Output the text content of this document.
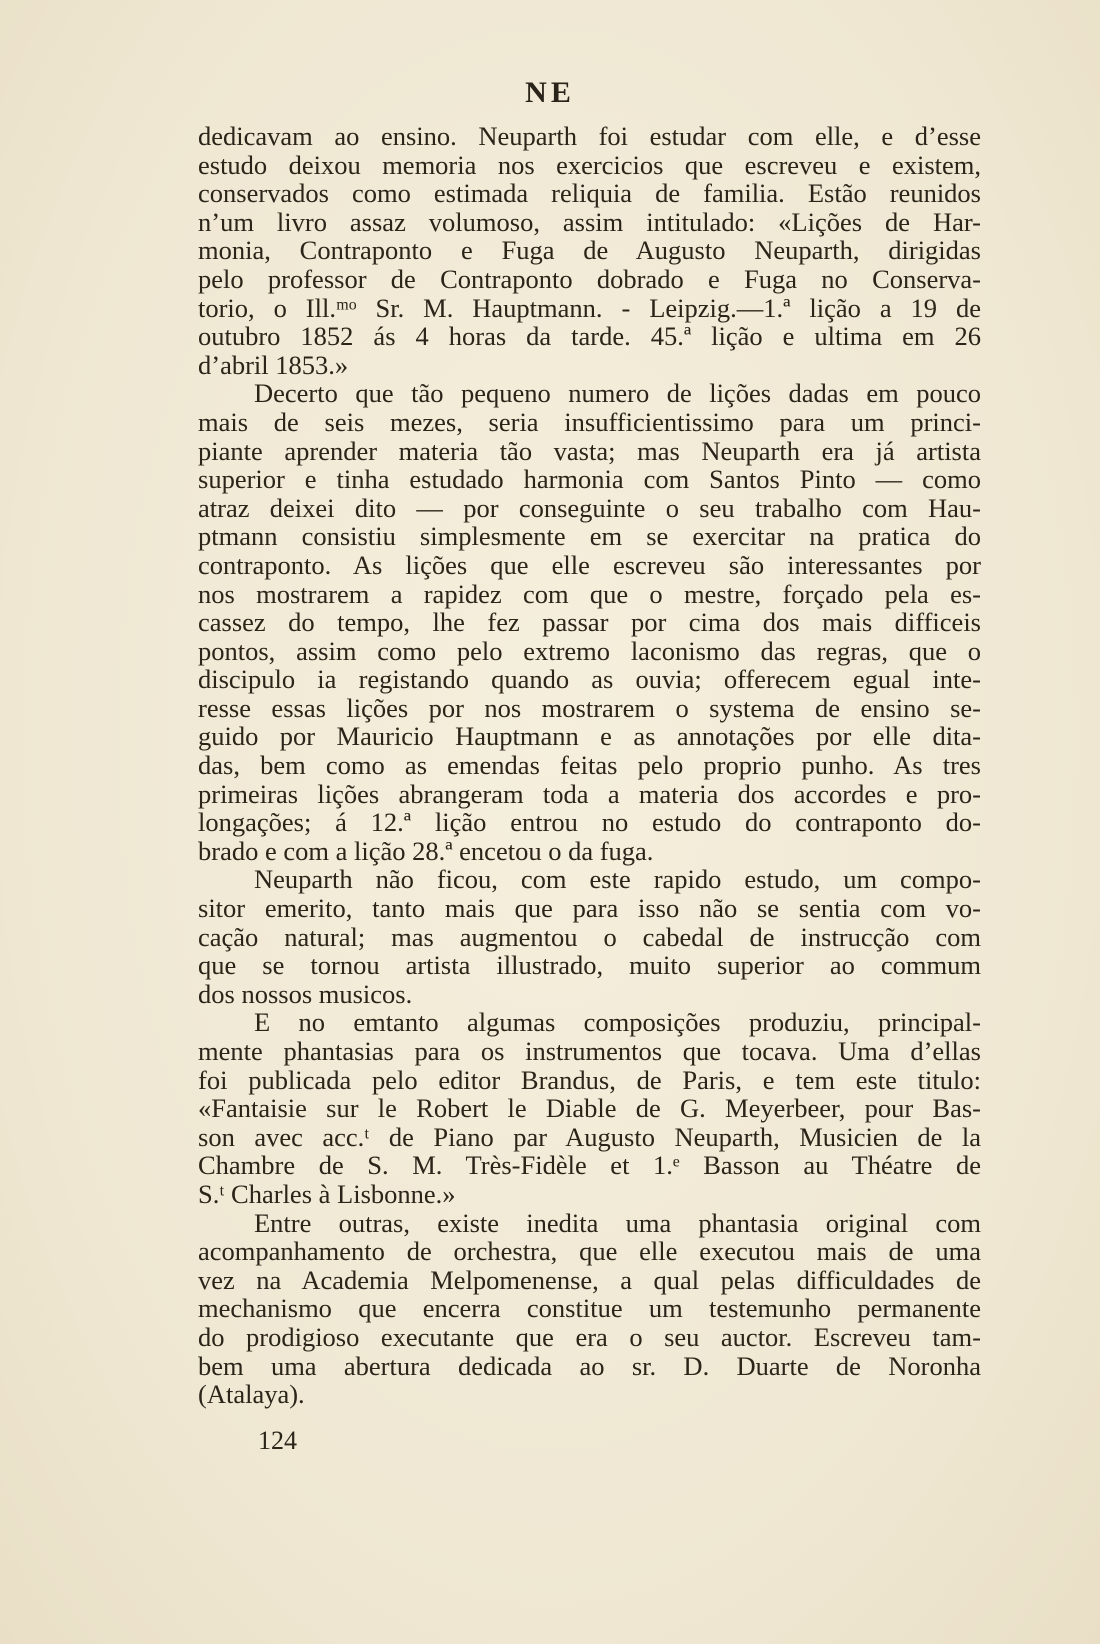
NE
dedicavam ao ensino. Neuparth foi estudar com elle, e d’esse
estudo deixou memoria nos exercicios que escreveu e existem,
conservados como estimada reliquia de familia. Estão reunidos
n’um livro assaz volumoso, assim intitulado: «Lições de Har-
monia, Contraponto e Fuga de Augusto Neuparth, dirigidas
pelo professor de Contraponto dobrado e Fuga no Conserva-
torio, o Ill.ᵐᵒ Sr. M. Hauptmann. - Leipzig.—1.ª lição a 19 de
outubro 1852 ás 4 horas da tarde. 45.ª lição e ultima em 26
d’abril 1853.»
Decerto que tão pequeno numero de lições dadas em pouco
mais de seis mezes, seria insufficientissimo para um princi-
piante aprender materia tão vasta; mas Neuparth era já artista
superior e tinha estudado harmonia com Santos Pinto — como
atraz deixei dito — por conseguinte o seu trabalho com Hau-
ptmann consistiu simplesmente em se exercitar na pratica do
contraponto. As lições que elle escreveu são interessantes por
nos mostrarem a rapidez com que o mestre, forçado pela es-
cassez do tempo, lhe fez passar por cima dos mais difficeis
pontos, assim como pelo extremo laconismo das regras, que o
discipulo ia registando quando as ouvia; offerecem egual inte-
resse essas lições por nos mostrarem o systema de ensino se-
guido por Mauricio Hauptmann e as annotações por elle dita-
das, bem como as emendas feitas pelo proprio punho. As tres
primeiras lições abrangeram toda a materia dos accordes e pro-
longações; á 12.ª lição entrou no estudo do contraponto do-
brado e com a lição 28.ª encetou o da fuga.
Neuparth não ficou, com este rapido estudo, um compo-
sitor emerito, tanto mais que para isso não se sentia com vo-
cação natural; mas augmentou o cabedal de instrucção com
que se tornou artista illustrado, muito superior ao commum
dos nossos musicos.
E no emtanto algumas composições produziu, principal-
mente phantasias para os instrumentos que tocava. Uma d’ellas
foi publicada pelo editor Brandus, de Paris, e tem este titulo:
«Fantaisie sur le Robert le Diable de G. Meyerbeer, pour Bas-
son avec acc.ᵗ de Piano par Augusto Neuparth, Musicien de la
Chambre de S. M. Très-Fidèle et 1.ᵉ Basson au Théatre de
S.ᵗ Charles à Lisbonne.»
Entre outras, existe inedita uma phantasia original com
acompanhamento de orchestra, que elle executou mais de uma
vez na Academia Melpomenense, a qual pelas difficuldades de
mechanismo que encerra constitue um testemunho permanente
do prodigioso executante que era o seu auctor. Escreveu tam-
bem uma abertura dedicada ao sr. D. Duarte de Noronha
(Atalaya).
124
